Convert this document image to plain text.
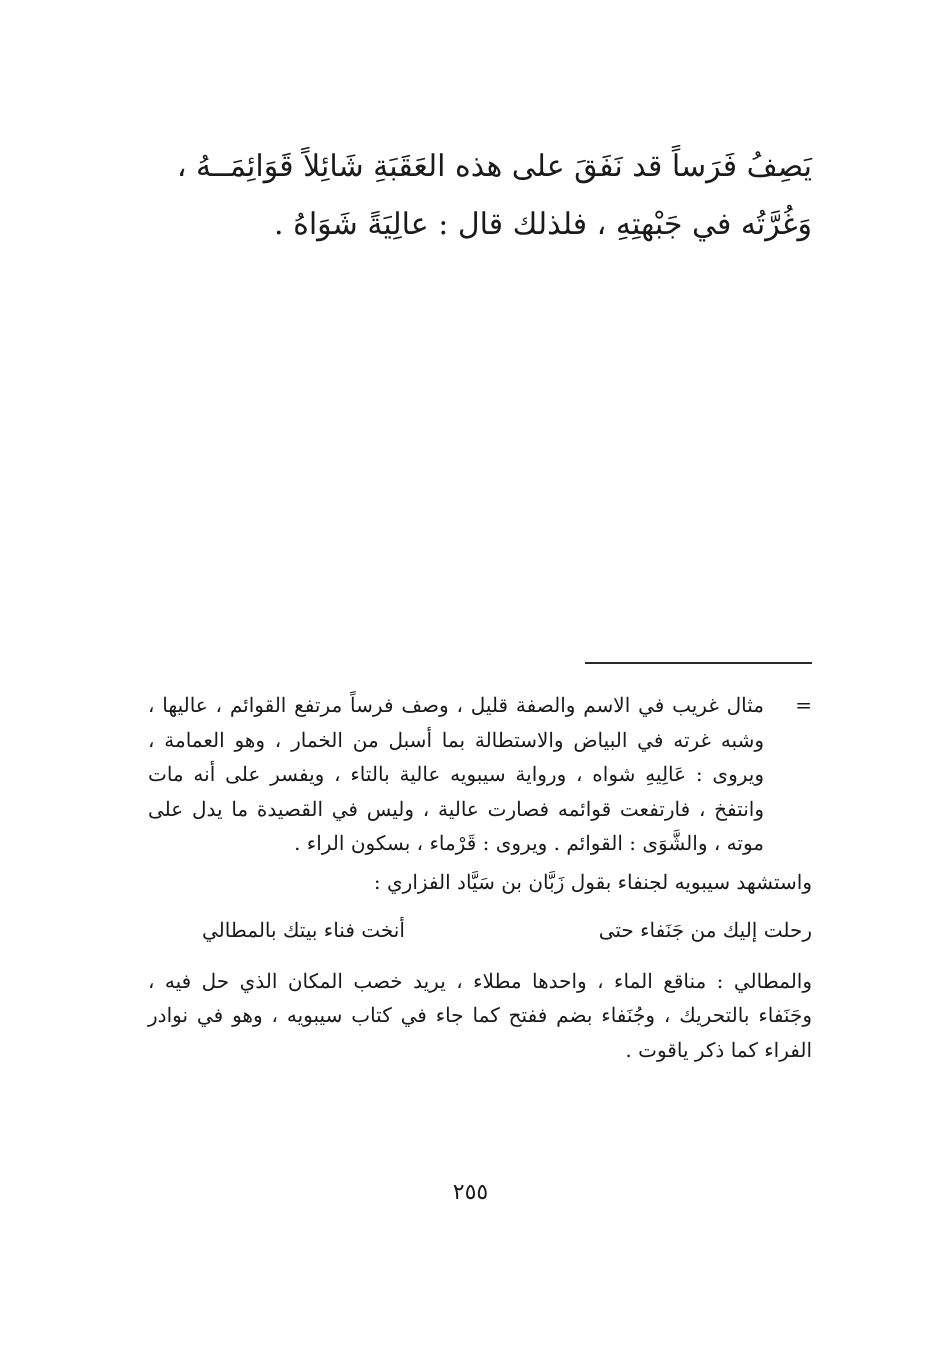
يَصِفُ فَرَساً قد نَفَقَ على هذه العَقَبَةِ شَائِلاً قَوَائِمَــهُ ،

وَغُرَّتُه في جَبْهتِهِ ، فلذلك قال : عالِيَةً شَوَاهُ .

=
مثال غريب في الاسم والصفة قليل ، وصف فرساً مرتفع القوائم ، عاليها ، وشبه غرته في البياض والاستطالة بما أسبل من الخمار ، وهو العمامة ، ويروى : عَالِيهِ شواه ، ورواية سيبويه عالية بالتاء ، ويفسر على أنه مات وانتفخ ، فارتفعت قوائمه فصارت عالية ، وليس في القصيدة ما يدل على موته ، والشَّوَى : القوائم . ويروى : قَرْماء ، بسكون الراء .

واستشهد سيبويه لجنفاء بقول زَبَّان بن سَيَّاد الفزاري :

رحلت إليك من جَنَفاء حتى
أنخت فناء بيتك بالمطالي

والمطالي : مناقع الماء ، واحدها مطلاء ، يريد خصب المكان الذي حل فيه ، وجَنَفاء بالتحريك ، وجُنَفاء بضم ففتح كما جاء في كتاب سيبويه ، وهو في نوادر الفراء كما ذكر ياقوت .

٢٥٥
